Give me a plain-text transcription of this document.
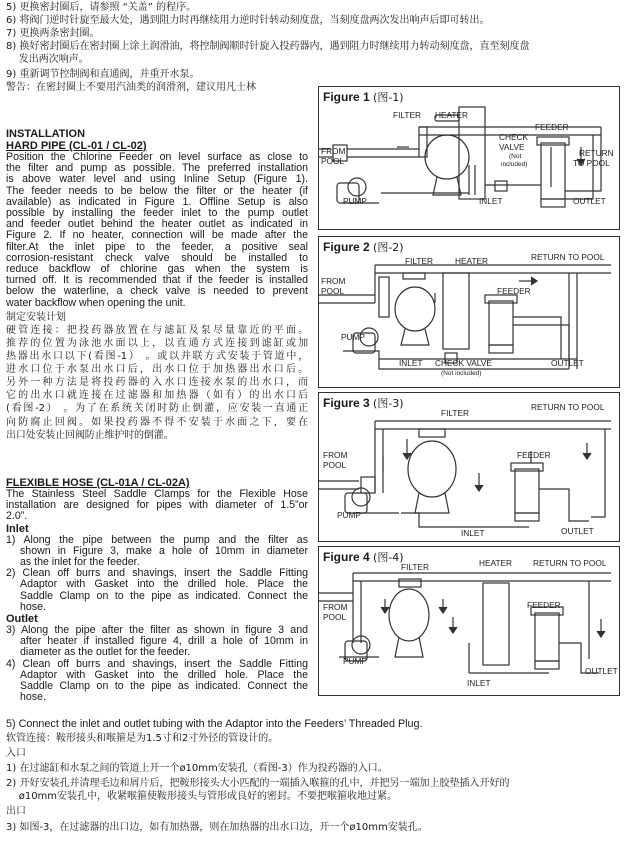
5) 更换密封圈后，请参照 “关盖” 的程序。
6) 将阀门逆时针旋至最大处，遇到阻力时再继续用力逆时针转动刻度盘，当刻度盘两次发出响声后即可转出。
7) 更换两条密封圈。
8) 换好密封圈后在密封圈上涂上润滑油，将控制阀顺时针旋入投药器内，遇到阻力时继续用力转动刻度盘，直至刻度盘
发出两次响声。
9) 重新调节控制阀和直通阀，并重开水泵。
警告：在密封圈上不要用汽油类的润滑剂，建议用凡士林
INSTALLATION
HARD PIPE (CL-01 / CL-02)
Position the Chlorine Feeder on level surface as close to
the filter and pump as possible. The preferred installation
is above water level and using Inline Setup (Figure 1).
The feeder needs to be below the filter or the heater (if
available) as indicated in Figure 1. Offline Setup is also
possible by installing the feeder inlet to the pump outlet
and feeder outlet behind the heater outlet as indicated in
Figure 2. If no heater, connection will be made after the
filter.At the inlet pipe to the feeder, a positive seal
corrosion-resistant check valve should be installed to
reduce backflow of chlorine gas when the system is
turned off. It is recommended that if the feeder is installed
below the waterline, a check valve is needed to prevent
water backflow when opening the unit.
制定安装计划
硬管连接：把投药器放置在与滤缸及泵尽量靠近的平面。
推荐的位置为泳池水面以上，以直通方式连接到滤缸或加
热器出水口以下(看图-1） 。或以并联方式安装于管道中，
进水口位于水泵出水口后，出水口位于加热器出水口后。
另外一种方法是将投药器的入水口连接水泵的出水口，而
它的出水口就连接在过滤器和加热器（如有）的出水口后
(看图-2） 。为了在系统关闭时防止倒灌，应安装一直通正
向防腐止回阀。如果投药器不得不安装于水面之下，要在
出口处安装止回阀防止维护时的倒灌。
FLEXIBLE HOSE (CL-01A / CL-02A)
The Stainless Steel Saddle Clamps for the Flexible Hose
installation are designed for pipes with diameter of 1.5”or
2.0”.
Inlet
1) Along the pipe between the pump and the filter as
shown in Figure 3, make a hole of 10mm in diameter
as the inlet for the feeder.
2) Clean off burrs and shavings, insert the Saddle Fitting
Adaptor with Gasket into the drilled hole. Place the
Saddle Clamp on to the pipe as indicated. Connect the
hose.
Outlet
3) Along the pipe after the filter as shown in figure 3 and
after heater if installed figure 4, drill a hole of 10mm in
diameter as the outlet for the feeder.
4) Clean off burrs and shavings, insert the Saddle Fitting
Adaptor with Gasket into the drilled hole. Place the
Saddle Clamp on to the pipe as indicated. Connect the
hose.
5) Connect the inlet and outlet tubing with the Adaptor into the Feeders’ Threaded Plug.
软管连接：鞍形接头和喉箍是为1.5寸和2寸外径的管设计的。
入口
1) 在过滤缸和水泵之间的管道上开一个ø10mm安装孔（看图-3）作为投药器的入口。
2) 开好安装孔并清理毛边和屑片后，把鞍形接头大小匹配的一端插入喉箍的孔中，并把另一端加上胶垫插入开好的
ø10mm安装孔中，收紧喉箍使鞍形接头与管形成良好的密封。不要把喉箍收地过紧。
出口
3) 如图-3，在过滤器的出口边，如有加热器，则在加热器的出水口边，开一个ø10mm安装孔。
Figure 1 (图-1)
FILTER HEATER
CHECK
VALVE
(Not
included)
FEEDER
FROM
POOL
RETURN
TO POOL
PUMP	INLET	OUTLET
Figure 2 (图-2)
FILTER	HEATER	RETURN TO POOL
FROM
POOL	FEEDER
PUMP
INLET CHECK VALVE
(Not included)
OUTLET
Figure 3 (图-3)
FILTER
RETURN TO POOL
FROM
POOL
FEEDER
PUMP
INLET	OUTLET
Figure 4 (图-4)
FILTER	HEATER	RETURN TO POOL
FROM
POOL
FEEDER
PUMP
INLET
OUTLET
